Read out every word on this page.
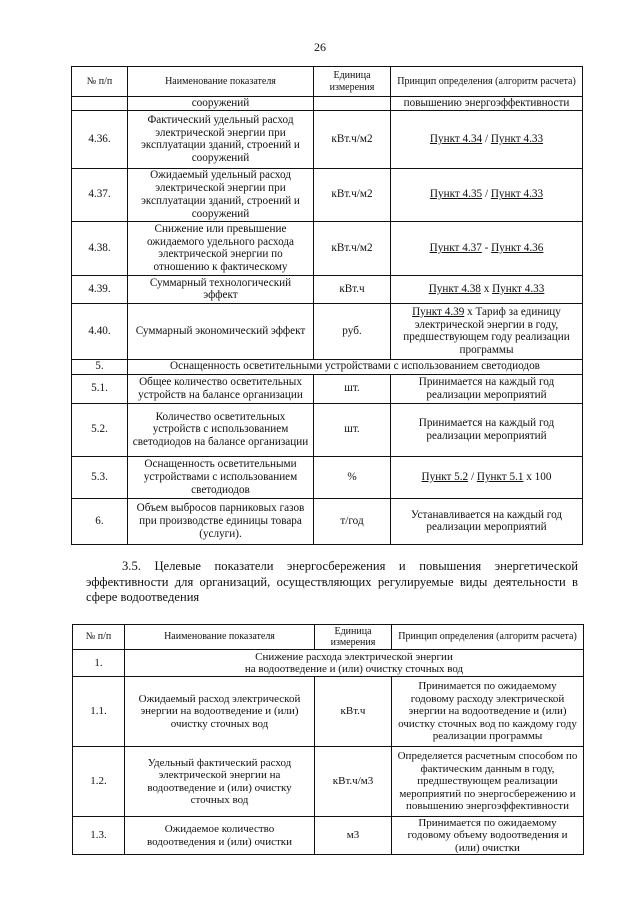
26
№ п/п	Наименование показателя	Единица измерения	Принцип определения (алгоритм расчета)
	сооружений		повышению энергоэффективности
4.36.	Фактический удельный расход электрической энергии при эксплуатации зданий, строений и сооружений	кВт.ч/м2	Пункт 4.34 / Пункт 4.33
4.37.	Ожидаемый удельный расход электрической энергии при эксплуатации зданий, строений и сооружений	кВт.ч/м2	Пункт 4.35 / Пункт 4.33
4.38.	Снижение или превышение ожидаемого удельного расхода электрической энергии по отношению к фактическому	кВт.ч/м2	Пункт 4.37 - Пункт 4.36
4.39.	Суммарный технологический эффект	кВт.ч	Пункт 4.38 х Пункт 4.33
4.40.	Суммарный экономический эффект	руб.	Пункт 4.39 х Тариф за единицу электрической энергии в году, предшествующем году реализации программы
5.	Оснащенность осветительными устройствами с использованием светодиодов		
5.1.	Общее количество осветительных устройств на балансе организации	шт.	Принимается на каждый год реализации мероприятий
5.2.	Количество осветительных устройств с использованием светодиодов на балансе организации	шт.	Принимается на каждый год реализации мероприятий
5.3.	Оснащенность осветительными устройствами с использованием светодиодов	%	Пункт 5.2 / Пункт 5.1 х 100
6.	Объем выбросов парниковых газов при производстве единицы товара (услуги).	т/год	Устанавливается на каждый год реализации мероприятий
3.5. Целевые показатели энергосбережения и повышения энергетической эффективности для организаций, осуществляющих регулируемые виды деятельности в сфере водоотведения
№ п/п	Наименование показателя	Единица измерения	Принцип определения (алгоритм расчета)
1.	Снижение расхода электрической энергии
на водоотведение и (или) очистку сточных вод		

1.1.	Ожидаемый расход электрической энергии на водоотведение и (или) очистку сточных вод	кВт.ч	Принимается по ожидаемому годовому расходу электрической энергии на водоотведение и (или) очистку сточных вод по каждому году реализации программы
1.2.	Удельный фактический расход электрической энергии на водоотведение и (или) очистку сточных вод	кВт.ч/м3	Определяется расчетным способом по фактическим данным в году, предшествующем реализации мероприятий по энергосбережению и повышению энергоэффективности
1.3.	Ожидаемое количество водоотведения и (или) очистки	м3	Принимается по ожидаемому годовому объему водоотведения и (или) очистки
